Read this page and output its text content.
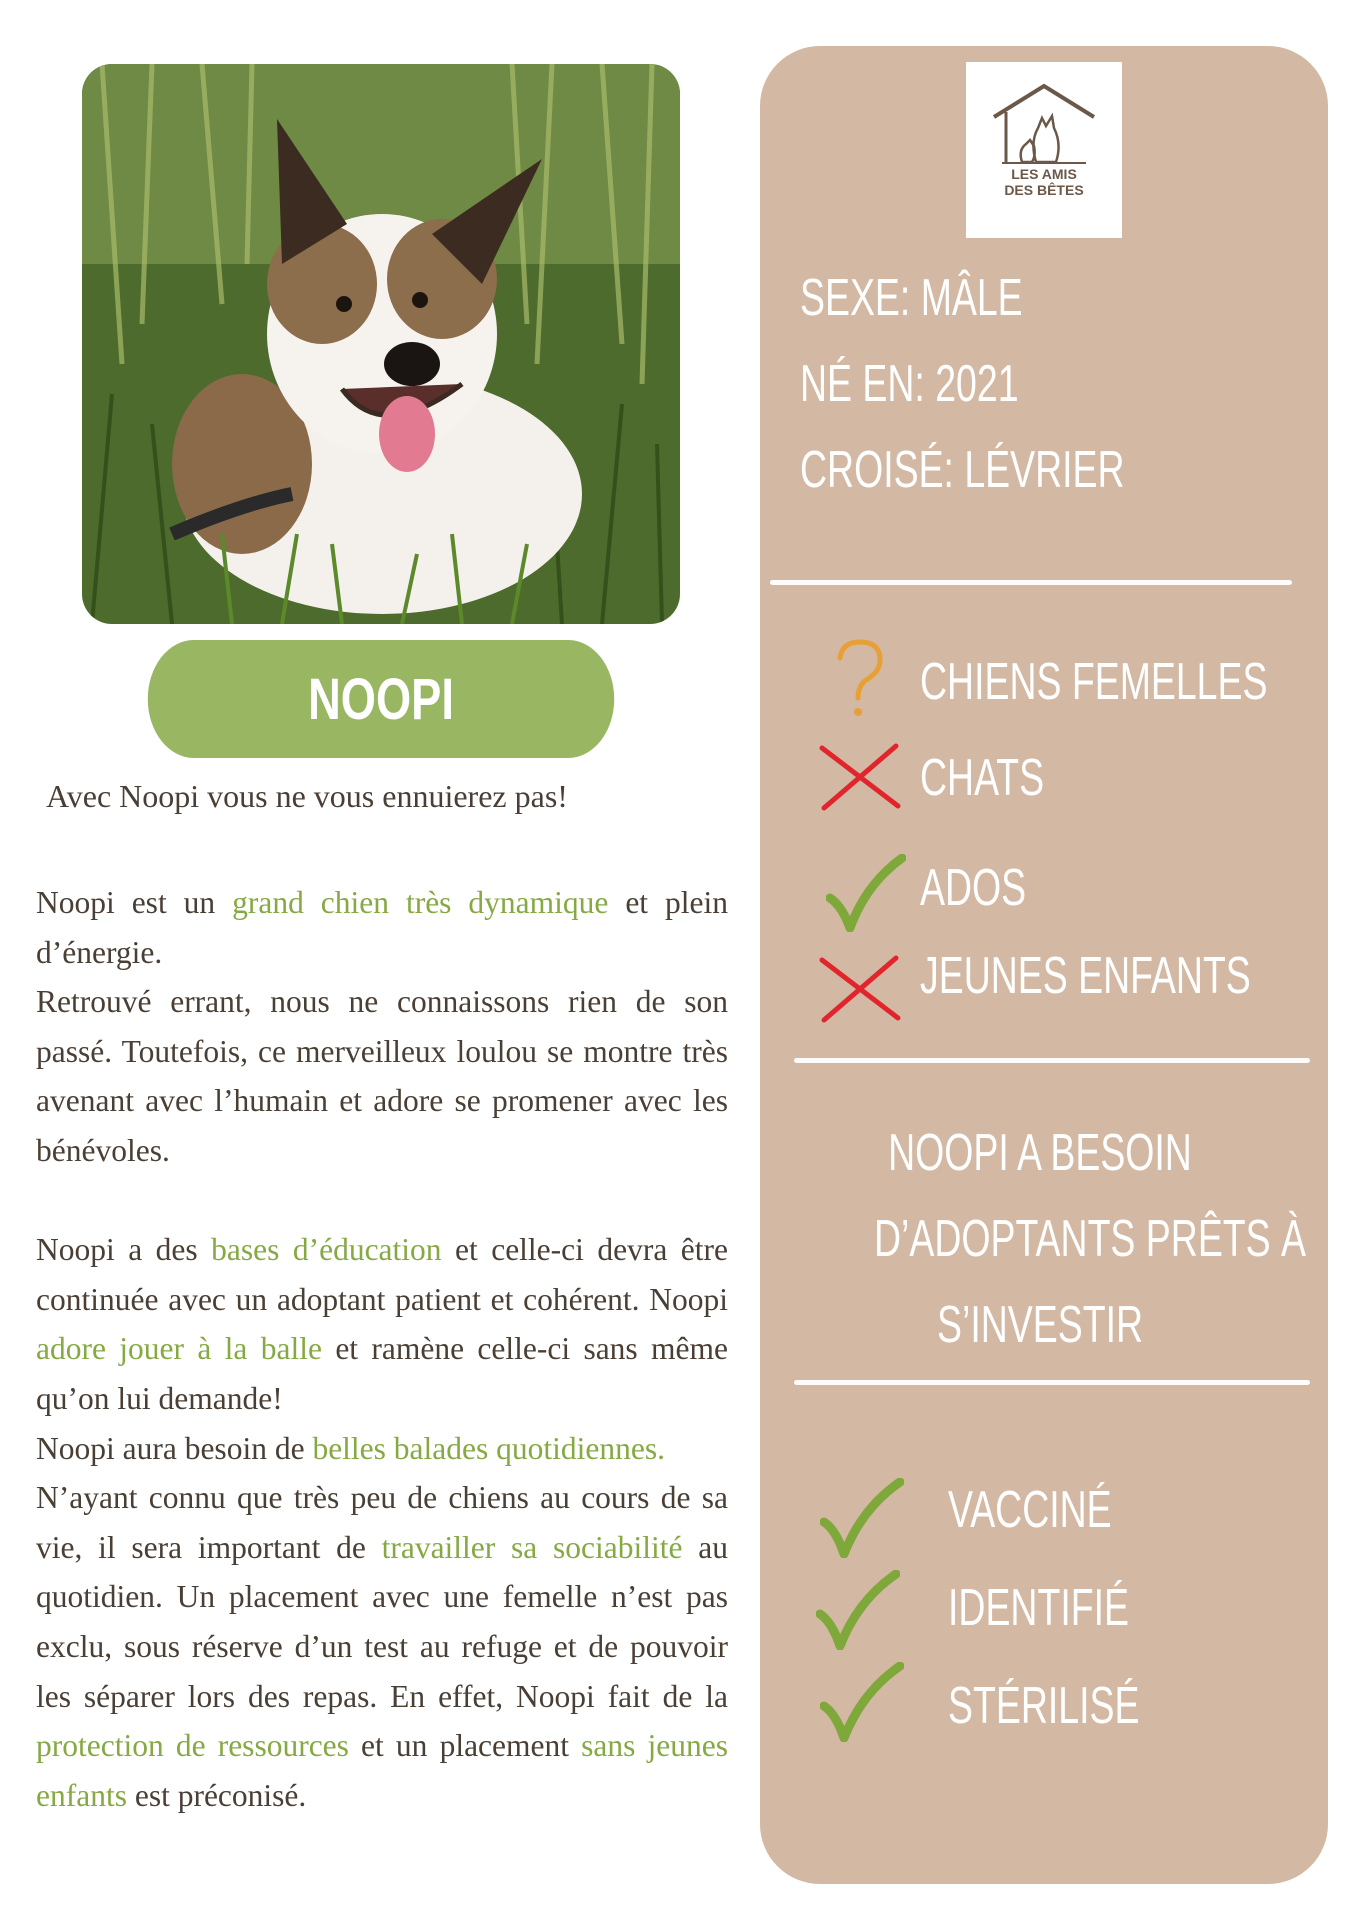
NOOPI
Avec Noopi vous ne vous ennuierez pas!

Noopi est un grand chien très dynamique et plein d’énergie.

Retrouvé errant, nous ne connaissons rien de son passé. Toutefois, ce merveilleux loulou se montre très avenant avec l’humain et adore se promener avec les bénévoles.

Noopi a des bases d’éducation et celle-ci devra être continuée avec un adoptant patient et cohérent. Noopi adore jouer à la balle et ramène celle-ci sans même qu’on lui demande!

Noopi aura besoin de belles balades quotidiennes.

N’ayant connu que très peu de chiens au cours de sa vie, il sera important de travailler sa sociabilité au quotidien. Un placement avec une femelle n’est pas exclu, sous réserve d’un test au refuge et de pouvoir les séparer lors des repas. En effet, Noopi fait de la protection de ressources et un placement sans jeunes enfants est préconisé.

LES AMIS
DES BÊTES
SEXE: MÂLE
NÉ EN: 2021
CROISÉ: LÉVRIER
CHIENS FEMELLES
CHATS
ADOS
JEUNES ENFANTS
NOOPI A BESOIN
D’ADOPTANTS PRÊTS À
S’INVESTIR
VACCINÉ
IDENTIFIÉ
STÉRILISÉ
